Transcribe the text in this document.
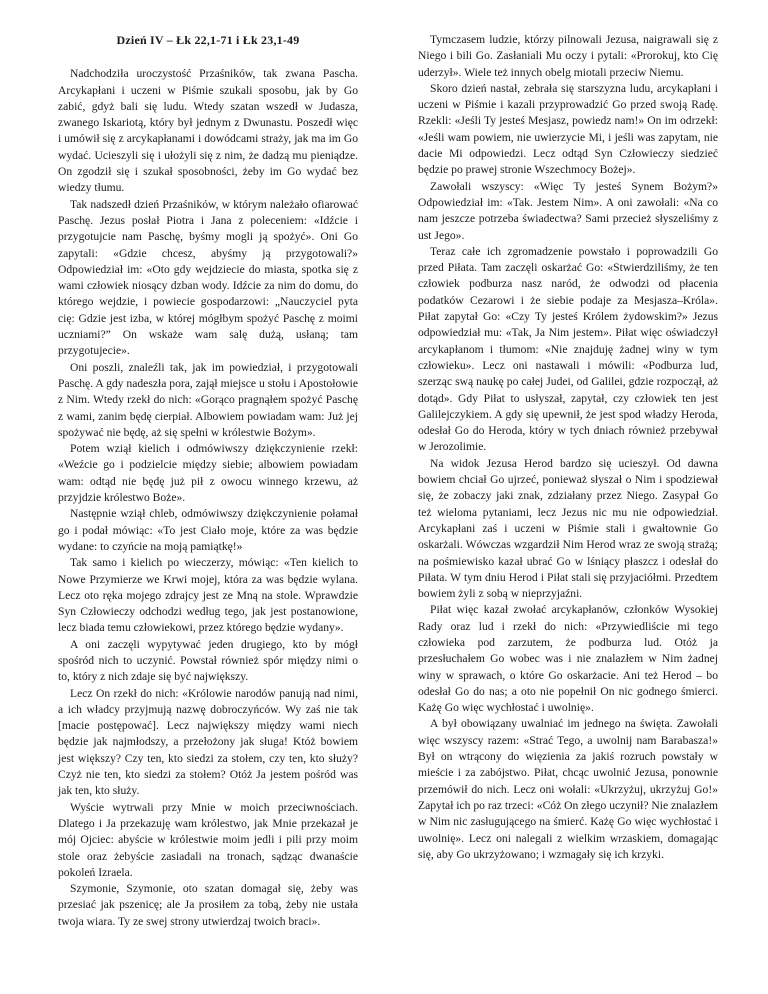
Dzień IV – Łk 22,1-71 i Łk 23,1-49

Nadchodziła uroczystość Przaśników, tak zwana Pascha. Arcykapłani i uczeni w Piśmie szukali sposobu, jak by Go zabić, gdyż bali się ludu. Wtedy szatan wszedł w Judasza, zwanego Iskariotą, który był jednym z Dwunastu. Poszedł więc i umówił się z arcykapłanami i dowódcami straży, jak ma im Go wydać. Ucieszyli się i ułożyli się z nim, że dadzą mu pieniądze. On zgodził się i szukał sposobności, żeby im Go wydać bez wiedzy tłumu.

Tak nadszedł dzień Przaśników, w którym należało ofiarować Paschę. Jezus posłał Piotra i Jana z poleceniem: «Idźcie i przygotujcie nam Paschę, byśmy mogli ją spożyć». Oni Go zapytali: «Gdzie chcesz, abyśmy ją przygotowali?» Odpowiedział im: «Oto gdy wejdziecie do miasta, spotka się z wami człowiek niosący dzban wody. Idźcie za nim do domu, do którego wejdzie, i powiecie gospodarzowi: „Nauczyciel pyta cię: Gdzie jest izba, w której mógłbym spożyć Paschę z moimi uczniami?” On wskaże wam salę dużą, usłaną; tam przygotujecie».

Oni poszli, znaleźli tak, jak im powiedział, i przygotowali Paschę. A gdy nadeszła pora, zajął miejsce u stołu i Apostołowie z Nim. Wtedy rzekł do nich: «Gorąco pragnąłem spożyć Paschę z wami, zanim będę cierpiał. Albowiem powiadam wam: Już jej spożywać nie będę, aż się spełni w królestwie Bożym».

Potem wziął kielich i odmówiwszy dziękczynienie rzekł: «Weźcie go i podzielcie między siebie; albowiem powiadam wam: odtąd nie będę już pił z owocu winnego krzewu, aż przyjdzie królestwo Boże».

Następnie wziął chleb, odmówiwszy dziękczynienie połamał go i podał mówiąc: «To jest Ciało moje, które za was będzie wydane: to czyńcie na moją pamiątkę!»

Tak samo i kielich po wieczerzy, mówiąc: «Ten kielich to Nowe Przymierze we Krwi mojej, która za was będzie wylana. Lecz oto ręka mojego zdrajcy jest ze Mną na stole. Wprawdzie Syn Człowieczy odchodzi według tego, jak jest postanowione, lecz biada temu człowiekowi, przez którego będzie wydany».

A oni zaczęli wypytywać jeden drugiego, kto by mógł spośród nich to uczynić. Powstał również spór między nimi o to, który z nich zdaje się być największy.

Lecz On rzekł do nich: «Królowie narodów panują nad nimi, a ich władcy przyjmują nazwę dobroczyńców. Wy zaś nie tak [macie postępować]. Lecz największy między wami niech będzie jak najmłodszy, a przełożony jak sługa! Któż bowiem jest większy? Czy ten, kto siedzi za stołem, czy ten, kto służy? Czyż nie ten, kto siedzi za stołem? Otóż Ja jestem pośród was jak ten, kto służy.

Wyście wytrwali przy Mnie w moich przeciwnościach. Dlatego i Ja przekazuję wam królestwo, jak Mnie przekazał je mój Ojciec: abyście w królestwie moim jedli i pili przy moim stole oraz żebyście zasiadali na tronach, sądząc dwanaście pokoleń Izraela.

Szymonie, Szymonie, oto szatan domagał się, żeby was przesiać jak pszenicę; ale Ja prosiłem za tobą, żeby nie ustała twoja wiara. Ty ze swej strony utwierdzaj twoich braci».

Tymczasem ludzie, którzy pilnowali Jezusa, naigrawali się z Niego i bili Go. Zasłaniali Mu oczy i pytali: «Prorokuj, kto Cię uderzył». Wiele też innych obelg miotali przeciw Niemu.

Skoro dzień nastał, zebrała się starszyzna ludu, arcykapłani i uczeni w Piśmie i kazali przyprowadzić Go przed swoją Radę. Rzekli: «Jeśli Ty jesteś Mesjasz, powiedz nam!» On im odrzekł: «Jeśli wam powiem, nie uwierzycie Mi, i jeśli was zapytam, nie dacie Mi odpowiedzi. Lecz odtąd Syn Człowieczy siedzieć będzie po prawej stronie Wszechmocy Bożej».

Zawołali wszyscy: «Więc Ty jesteś Synem Bożym?» Odpowiedział im: «Tak. Jestem Nim». A oni zawołali: «Na co nam jeszcze potrzeba świadectwa? Sami przecież słyszeliśmy z ust Jego».

Teraz całe ich zgromadzenie powstało i poprowadzili Go przed Piłata. Tam zaczęli oskarżać Go: «Stwierdziliśmy, że ten człowiek podburza nasz naród, że odwodzi od płacenia podatków Cezarowi i że siebie podaje za Mesjasza–Króla». Piłat zapytał Go: «Czy Ty jesteś Królem żydowskim?» Jezus odpowiedział mu: «Tak, Ja Nim jestem». Piłat więc oświadczył arcykapłanom i tłumom: «Nie znajduję żadnej winy w tym człowieku». Lecz oni nastawali i mówili: «Podburza lud, szerząc swą naukę po całej Judei, od Galilei, gdzie rozpoczął, aż dotąd». Gdy Piłat to usłyszał, zapytał, czy człowiek ten jest Galilejczykiem. A gdy się upewnił, że jest spod władzy Heroda, odesłał Go do Heroda, który w tych dniach również przebywał w Jerozolimie.

Na widok Jezusa Herod bardzo się ucieszył. Od dawna bowiem chciał Go ujrzeć, ponieważ słyszał o Nim i spodziewał się, że zobaczy jaki znak, zdziałany przez Niego. Zasypał Go też wieloma pytaniami, lecz Jezus nic mu nie odpowiedział. Arcykapłani zaś i uczeni w Piśmie stali i gwałtownie Go oskarżali. Wówczas wzgardził Nim Herod wraz ze swoją strażą; na pośmiewisko kazał ubrać Go w lśniący płaszcz i odesłał do Piłata. W tym dniu Herod i Piłat stali się przyjaciółmi. Przedtem bowiem żyli z sobą w nieprzyjaźni.

Piłat więc kazał zwołać arcykapłanów, członków Wysokiej Rady oraz lud i rzekł do nich: «Przywiedliście mi tego człowieka pod zarzutem, że podburza lud. Otóż ja przesłuchałem Go wobec was i nie znalazłem w Nim żadnej winy w sprawach, o które Go oskarżacie. Ani też Herod – bo odesłał Go do nas; a oto nie popełnił On nic godnego śmierci. Każę Go więc wychłostać i uwolnię».

A był obowiązany uwalniać im jednego na święta. Zawołali więc wszyscy razem: «Strać Tego, a uwolnij nam Barabasza!» Był on wtrącony do więzienia za jakiś rozruch powstały w mieście i za zabójstwo. Piłat, chcąc uwolnić Jezusa, ponownie przemówił do nich. Lecz oni wołali: «Ukrzyżuj, ukrzyżuj Go!» Zapytał ich po raz trzeci: «Cóż On złego uczynił? Nie znalazłem w Nim nic zasługującego na śmierć. Każę Go więc wychłostać i uwolnię». Lecz oni nalegali z wielkim wrzaskiem, domagając się, aby Go ukrzyżowano; i wzmagały się ich krzyki.
